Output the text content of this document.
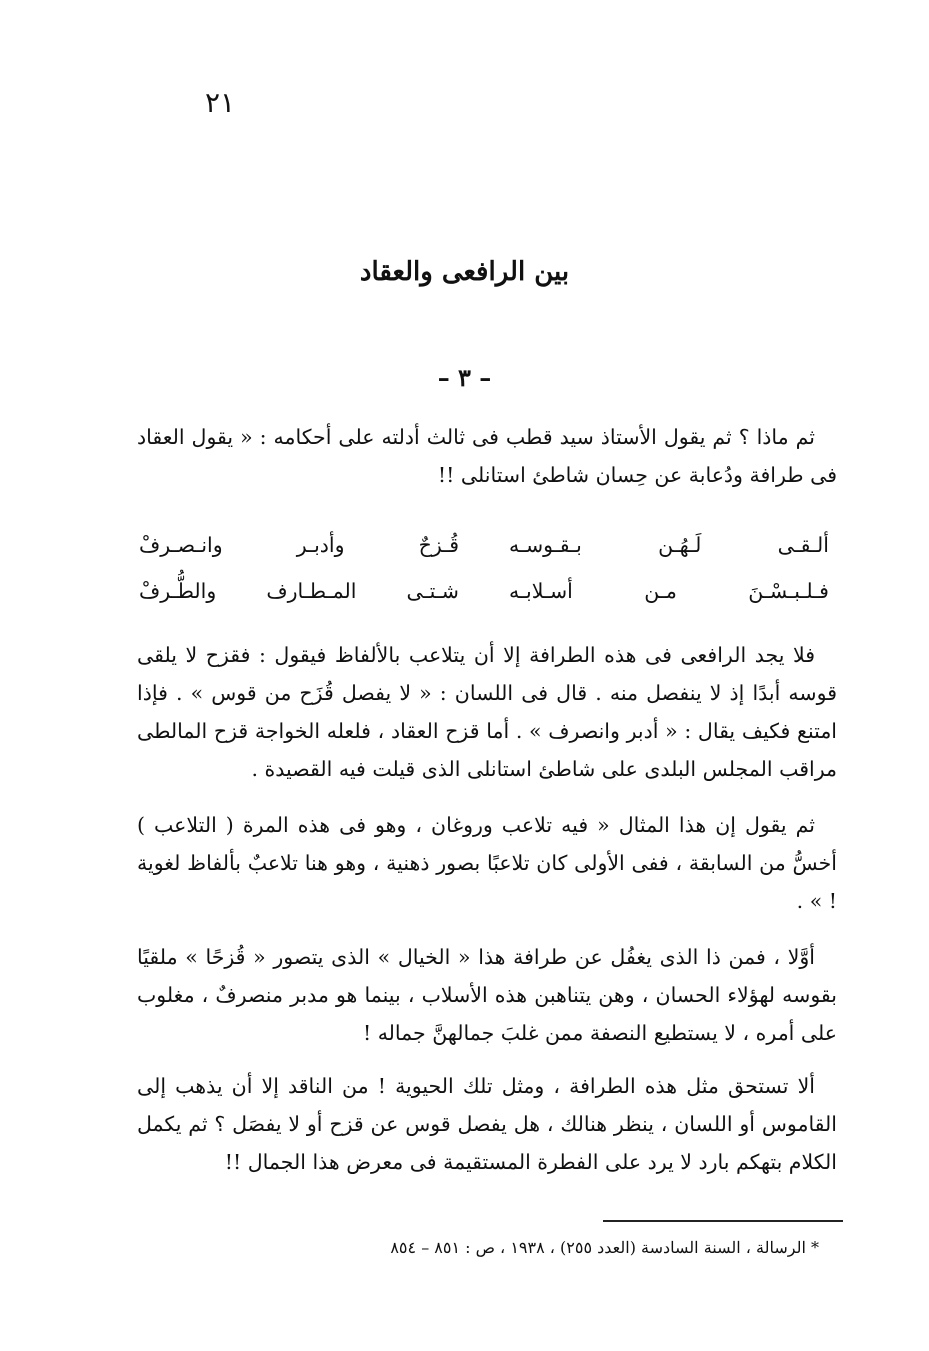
٢١
بين الرافعى والعقاد
– ٣ –

ثم ماذا ؟ ثم يقول الأستاذ سيد قطب فى ثالث أدلته على أحكامه : « يقول العقاد فى طرافة ودُعابة عن حِسان شاطئ استانلى !!

ألـقـى لَـهُـن بـقـوسـه
قُـزحٌ وأدبـر وانـصـرفْ
فـلـبـسْـنَ مـن أسـلابـه
شـتـى المـطـارف والطُّـرفْ

فلا يجد الرافعى فى هذه الطرافة إلا أن يتلاعب بالألفاظ فيقول : فقزح لا يلقى قوسه أبدًا إذ لا ينفصل منه . قال فى اللسان : « لا يفصل قُزَح من قوس » . فإذا امتنع فكيف يقال : « أدبر وانصرف » . أما قزح العقاد ، فلعله الخواجة قزح المالطى مراقب المجلس البلدى على شاطئ استانلى الذى قيلت فيه القصيدة .

ثم يقول إن هذا المثال « فيه تلاعب وروغان ، وهو فى هذه المرة ( التلاعب ) أخسُّ من السابقة ، ففى الأولى كان تلاعبًا بصور ذهنية ، وهو هنا تلاعبٌ بألفاظ لغوية ! » .

أوَّلا ، فمن ذا الذى يغفُل عن طرافة هذا « الخيال » الذى يتصور « قُزحًا » ملقيًا بقوسه لهؤلاء الحسان ، وهن يتناهبن هذه الأسلاب ، بينما هو مدبر منصرفٌ ، مغلوب على أمره ، لا يستطيع النصفة ممن غلبَ جمالهنَّ جماله !

ألا تستحق مثل هذه الطرافة ، ومثل تلك الحيوية ! من الناقد إلا أن يذهب إلى القاموس أو اللسان ، ينظر هنالك ، هل يفصل قوس عن قزح أو لا يفصَل ؟ ثم يكمل الكلام بتهكم بارد لا يرد على الفطرة المستقيمة فى معرض هذا الجمال !!

* الرسالة ، السنة السادسة (العدد ٢٥٥) ، ١٩٣٨ ، ص : ٨٥١ – ٨٥٤
